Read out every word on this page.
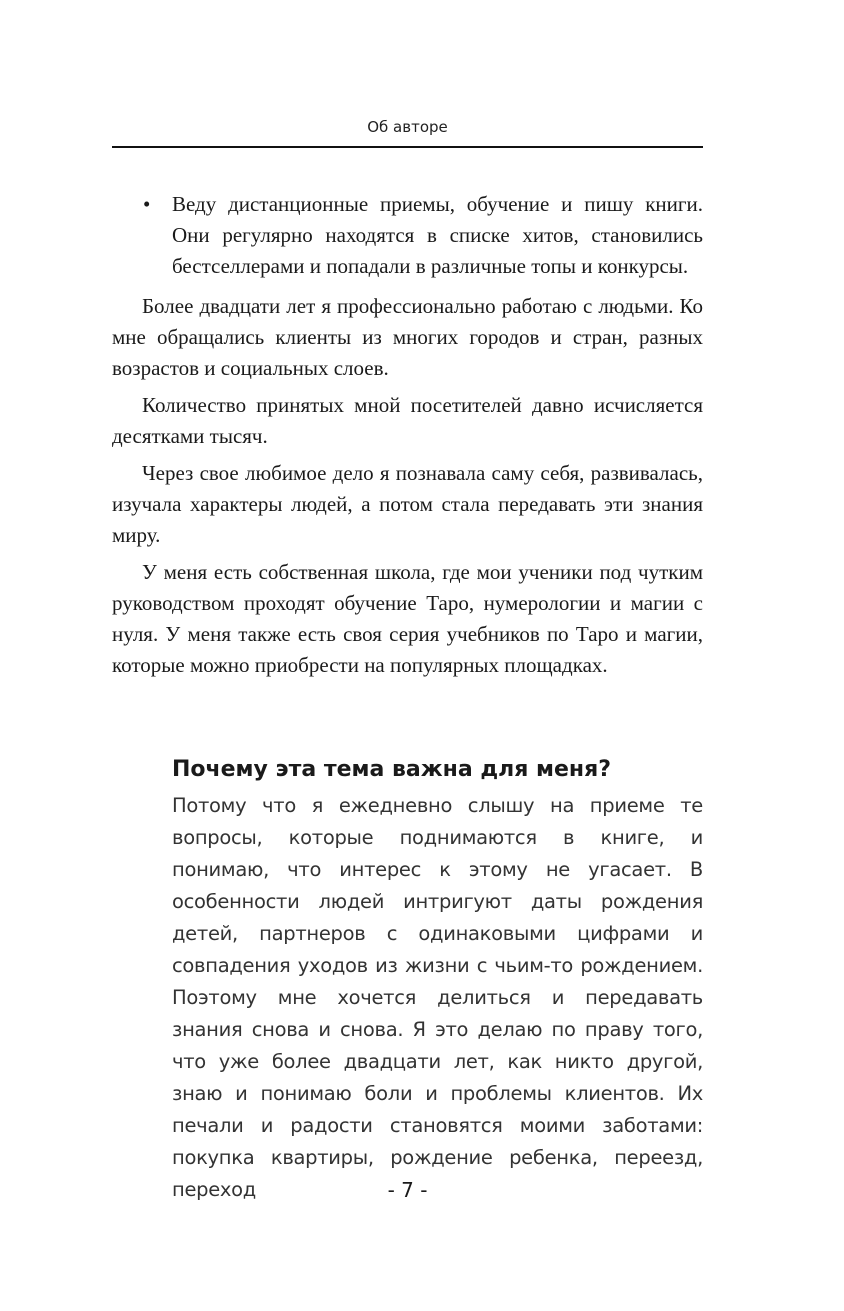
Об авторе
• Веду дистанционные приемы, обучение и пишу книги. Они регулярно находятся в списке хитов, становились бестселлерами и попадали в различные топы и конкурсы.

Более двадцати лет я профессионально работаю с людьми. Ко мне обращались клиенты из многих городов и стран, разных возрастов и социальных слоев.

Количество принятых мной посетителей давно исчисляется десятками тысяч.

Через свое любимое дело я познавала саму себя, развивалась, изучала характеры людей, а потом стала передавать эти знания миру.

У меня есть собственная школа, где мои ученики под чутким руководством проходят обучение Таро, нумерологии и магии с нуля. У меня также есть своя серия учебников по Таро и магии, которые можно приобрести на популярных площадках.

Почему эта тема важна для меня?

Потому что я ежедневно слышу на приеме те вопросы, которые поднимаются в книге, и понимаю, что интерес к этому не угасает. В особенности людей интригуют даты рождения детей, партнеров с одинаковыми цифрами и совпадения уходов из жизни с чьим-то рождением. Поэтому мне хочется делиться и передавать знания снова и снова. Я это делаю по праву того, что уже более двадцати лет, как никто другой, знаю и понимаю боли и проблемы клиентов. Их печали и радости становятся моими заботами: покупка квартиры, рождение ребенка, переезд, переход	- 7 -
